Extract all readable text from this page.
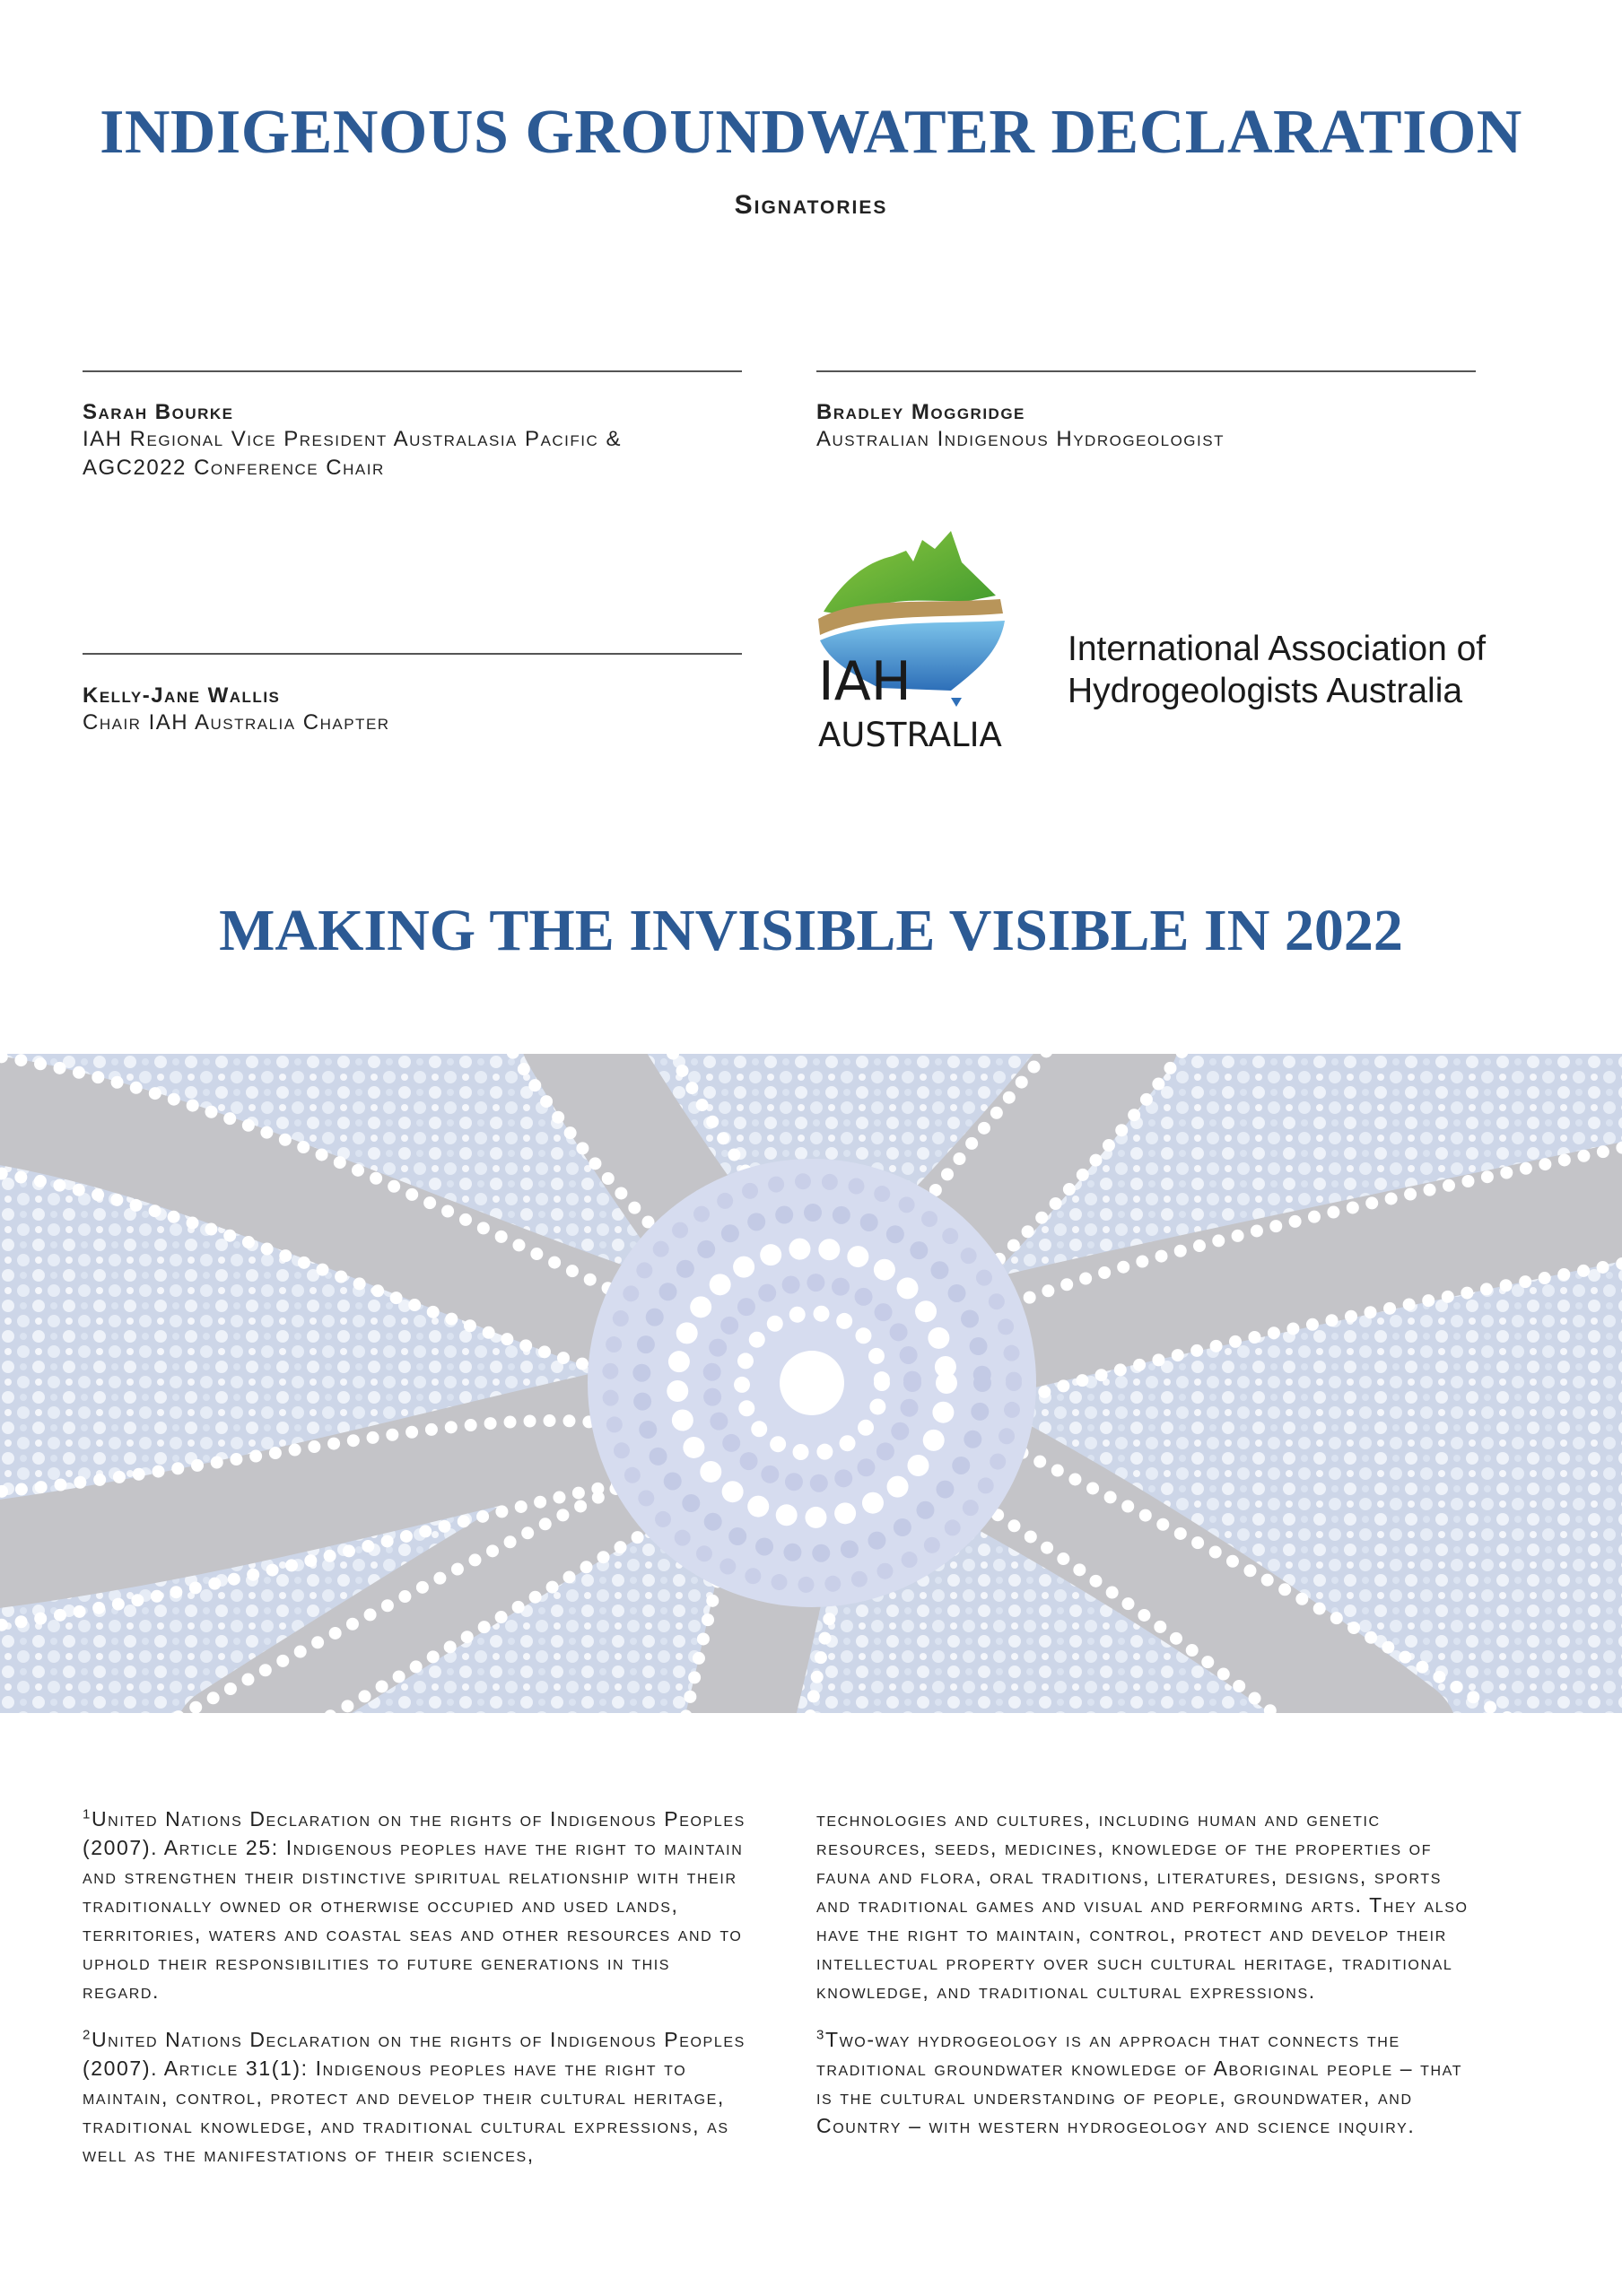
INDIGENOUS GROUNDWATER DECLARATION
Signatories
Sarah Bourke
IAH Regional Vice President Australasia Pacific &
AGC2022 Conference Chair
Bradley Moggridge
Australian Indigenous Hydrogeologist
Kelly-Jane Wallis
Chair IAH Australia Chapter
IAH
AUSTRALIA
International Association of
Hydrogeologists Australia
MAKING THE INVISIBLE VISIBLE IN 2022

$^1$United Nations Declaration on the rights of Indigenous Peoples (2007). Article 25: Indigenous peoples have the right to maintain and strengthen their distinctive spiritual relationship with their traditionally owned or otherwise occupied and used lands, territories, waters and coastal seas and other resources and to uphold their responsibilities to future generations in this regard.

$^2$United Nations Declaration on the rights of Indigenous Peoples (2007). Article 31(1): Indigenous peoples have the right to maintain, control, protect and develop their cultural heritage, traditional knowledge, and traditional cultural expressions, as well as the manifestations of their sciences,

technologies and cultures, including human and genetic resources, seeds, medicines, knowledge of the properties of fauna and flora, oral traditions, literatures, designs, sports and traditional games and visual and performing arts. They also have the right to maintain, control, protect and develop their intellectual property over such cultural heritage, traditional knowledge, and traditional cultural expressions.

$^3$Two-way hydrogeology is an approach that connects the traditional groundwater knowledge of Aboriginal people – that is the cultural understanding of people, groundwater, and Country – with western hydrogeology and science inquiry.
